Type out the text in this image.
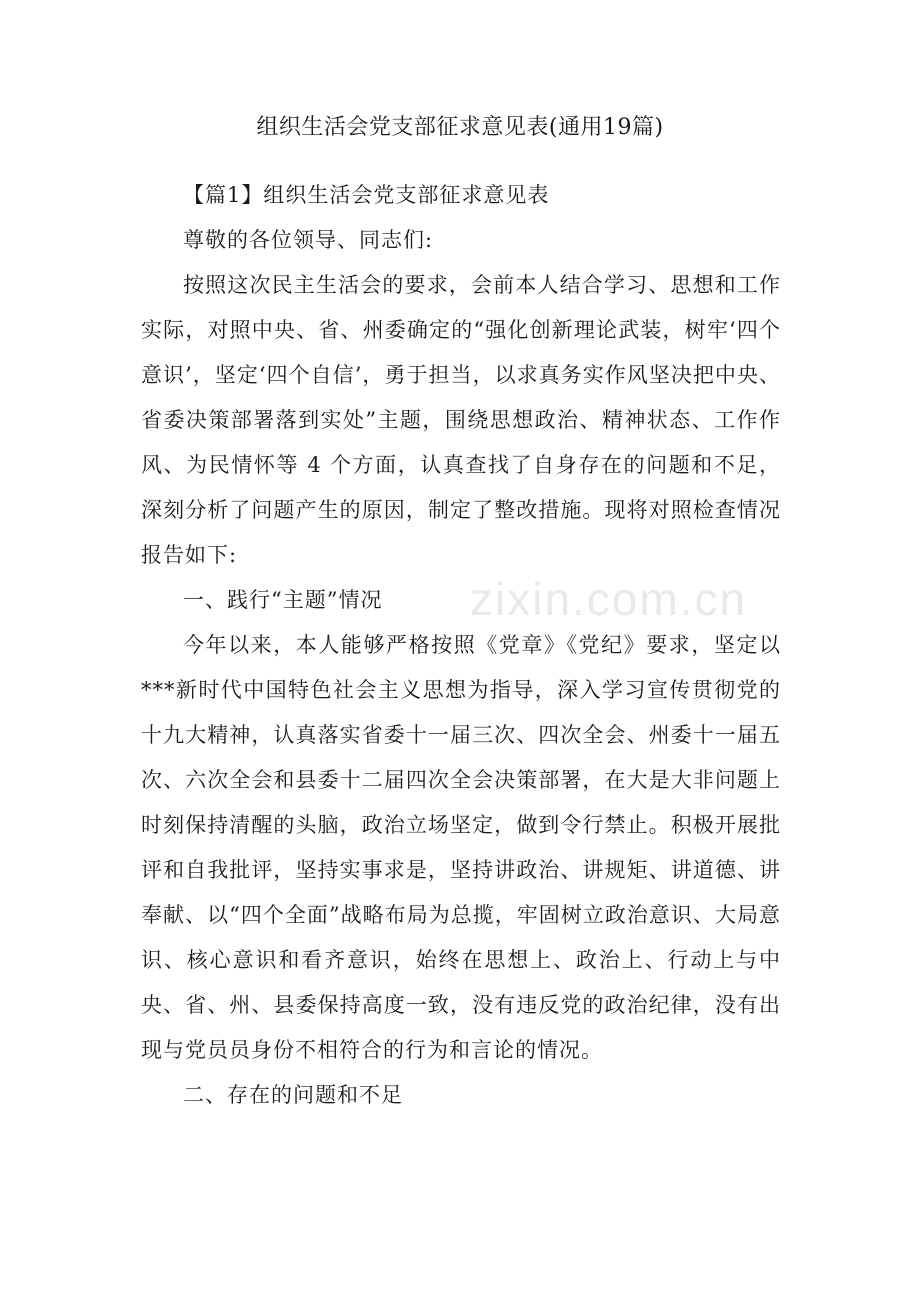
组织生活会党支部征求意见表(通用19篇)

【篇1】组织生活会党支部征求意见表

尊敬的各位领导、同志们:

按照这次民主生活会的要求，会前本人结合学习、思想和工作实际，对照中央、省、州委确定的“强化创新理论武装，树牢‘四个意识’，坚定‘四个自信’，勇于担当，以求真务实作风坚决把中央、省委决策部署落到实处”主题，围绕思想政治、精神状态、工作作风、为民情怀等 4 个方面，认真查找了自身存在的问题和不足，深刻分析了问题产生的原因，制定了整改措施。现将对照检查情况报告如下:

一、践行“主题”情况

今年以来，本人能够严格按照《党章》《党纪》要求，坚定以***新时代中国特色社会主义思想为指导，深入学习宣传贯彻党的十九大精神，认真落实省委十一届三次、四次全会、州委十一届五次、六次全会和县委十二届四次全会决策部署，在大是大非问题上时刻保持清醒的头脑，政治立场坚定，做到令行禁止。积极开展批评和自我批评，坚持实事求是，坚持讲政治、讲规矩、讲道德、讲奉献、以“四个全面”战略布局为总揽，牢固树立政治意识、大局意识、核心意识和看齐意识，始终在思想上、政治上、行动上与中央、省、州、县委保持高度一致，没有违反党的政治纪律，没有出现与党员员身份不相符合的行为和言论的情况。

二、存在的问题和不足

zixin.com.cn
